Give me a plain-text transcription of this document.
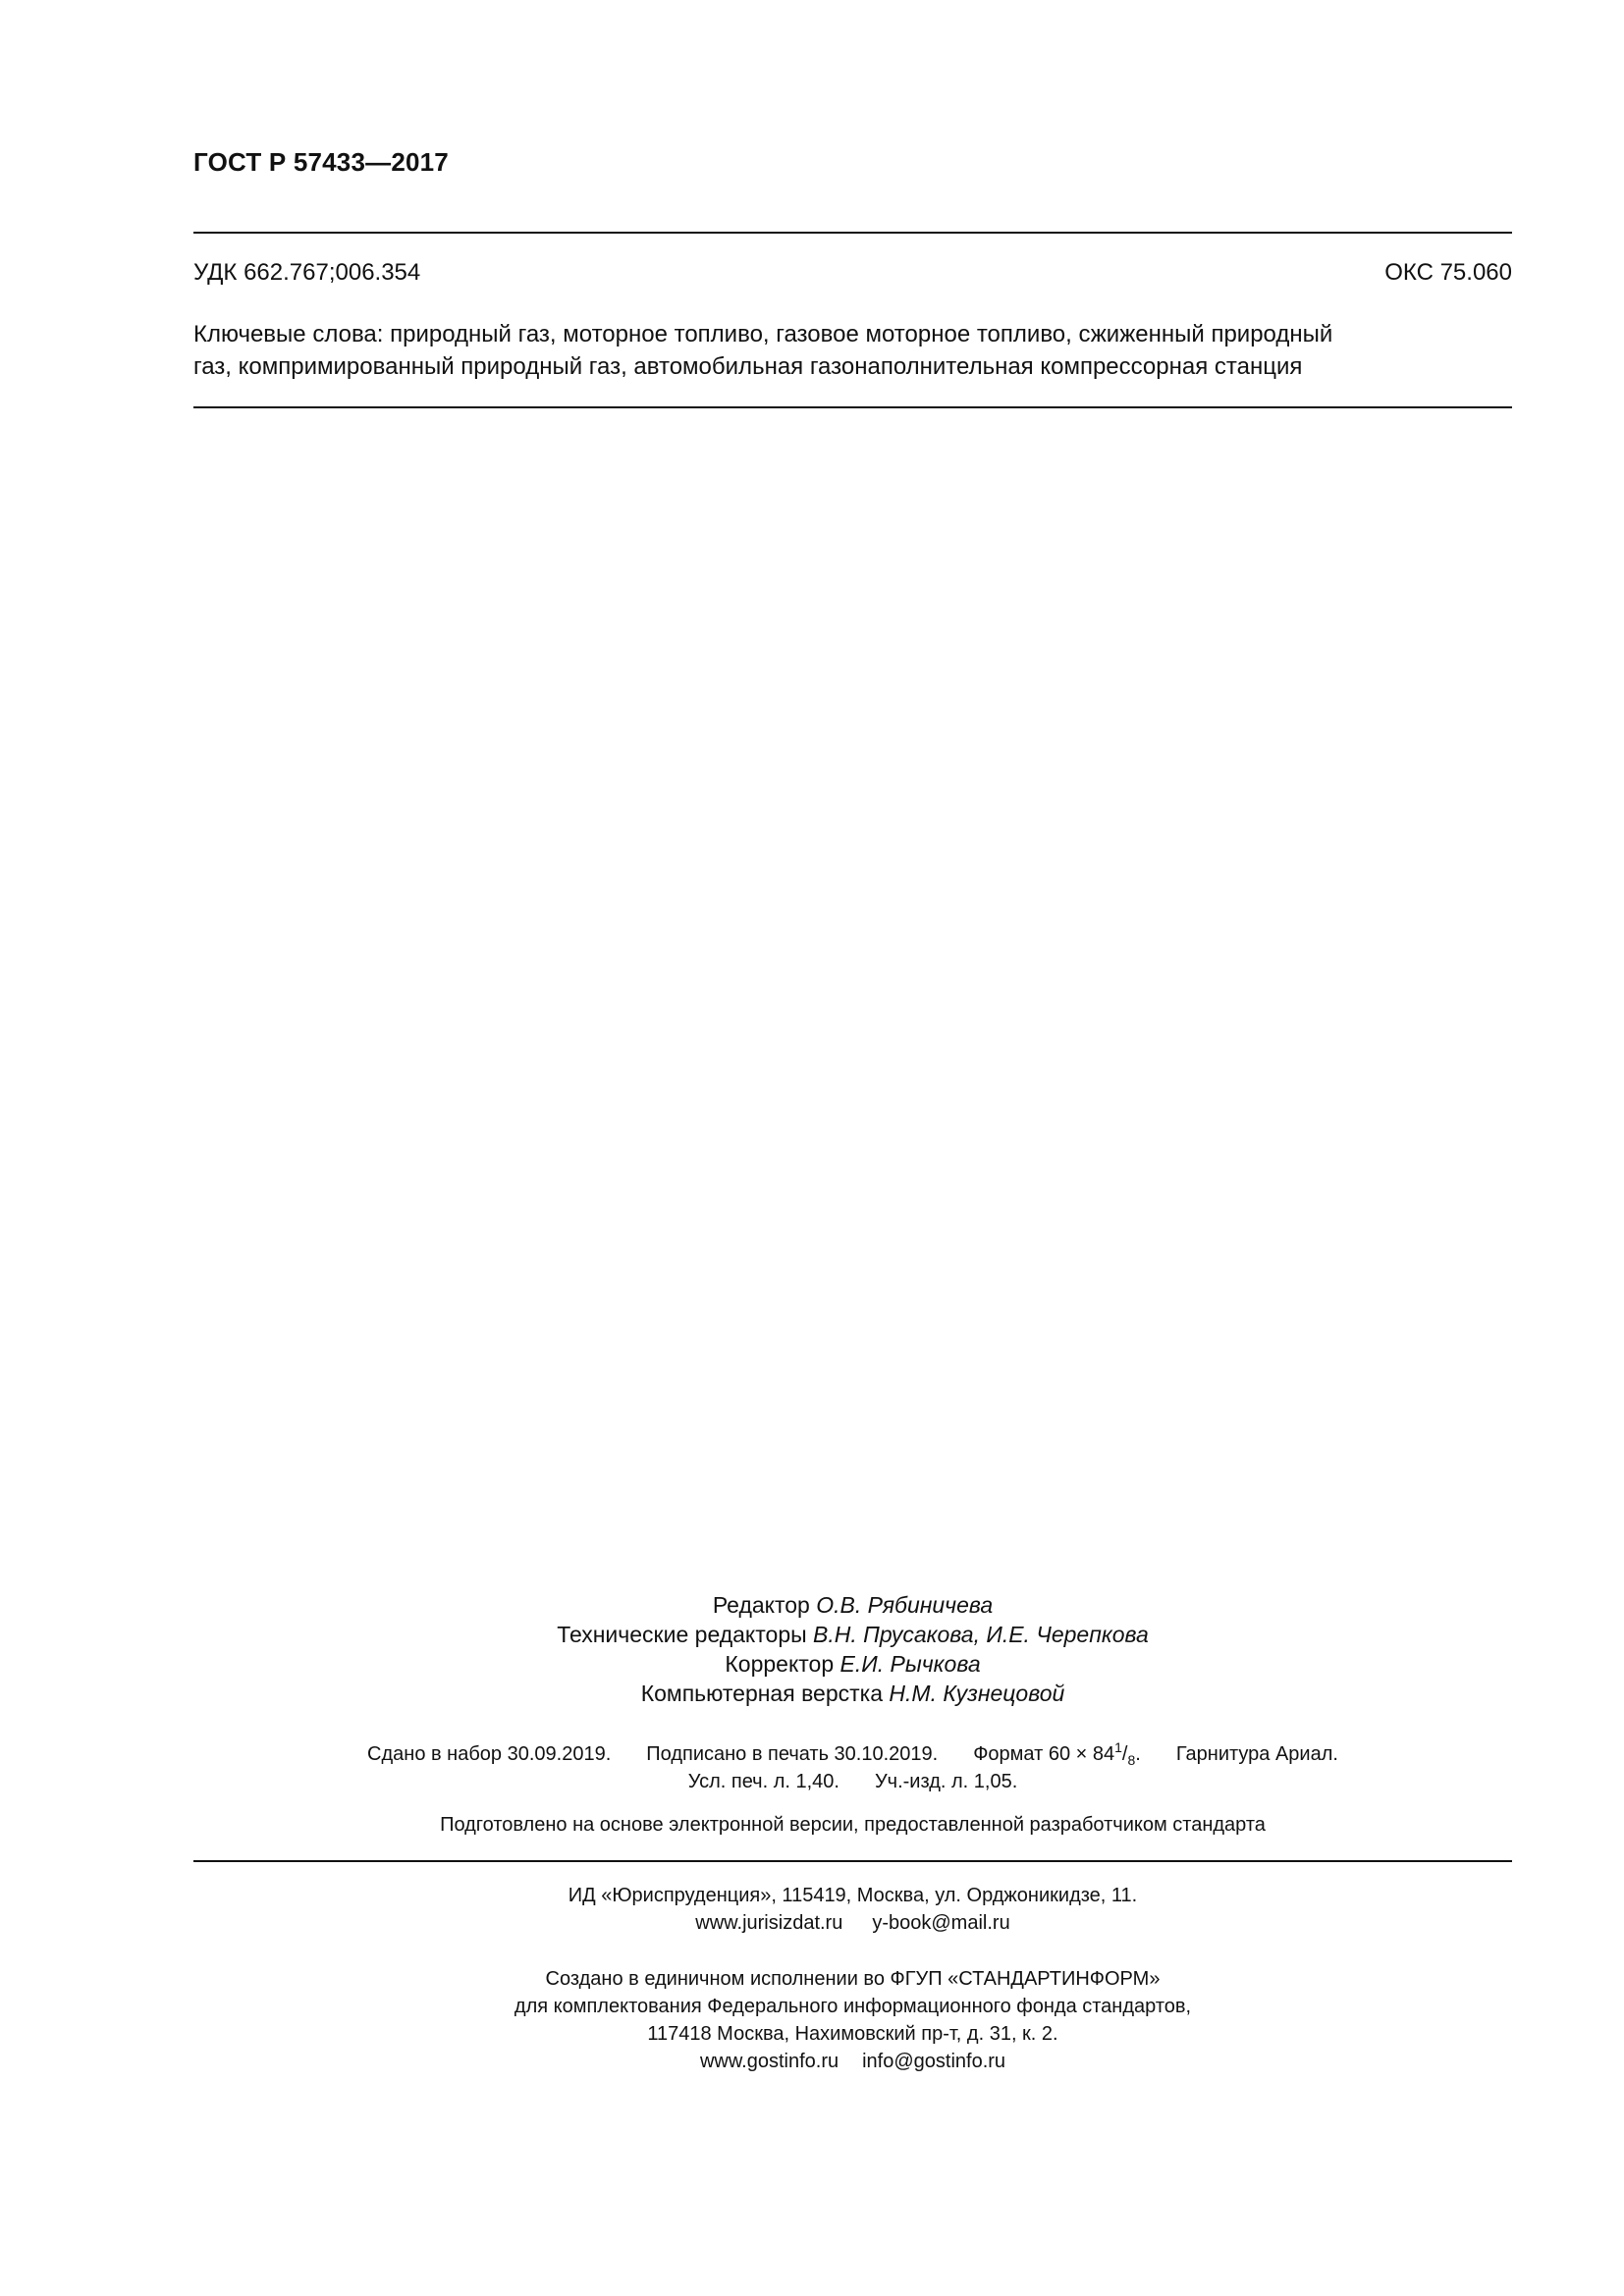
ГОСТ Р 57433—2017
УДК 662.767;006.354	ОКС 75.060
Ключевые слова: природный газ, моторное топливо, газовое моторное топливо, сжиженный природный
газ, компримированный природный газ, автомобильная газонаполнительная компрессорная станция
Редактор О.В. Рябиничева
Технические редакторы В.Н. Прусакова, И.Е. Черепкова
Корректор Е.И. Рычкова
Компьютерная верстка Н.М. Кузнецовой
Сдано в набор 30.09.2019. Подписано в печать 30.10.2019. Формат $60 \times 84^1/_8$. Гарнитура Ариал.
Усл. печ. л. 1,40. Уч.-изд. л. 1,05.
Подготовлено на основе электронной версии, предоставленной разработчиком стандарта
ИД «Юриспруденция», 115419, Москва, ул. Орджоникидзе, 11.
www.jurisizdat.ru y-book@mail.ru
Создано в единичном исполнении во ФГУП «СТАНДАРТИНФОРМ»
для комплектования Федерального информационного фонда стандартов,
117418 Москва, Нахимовский пр-т, д. 31, к. 2.
www.gostinfo.ru info@gostinfo.ru
